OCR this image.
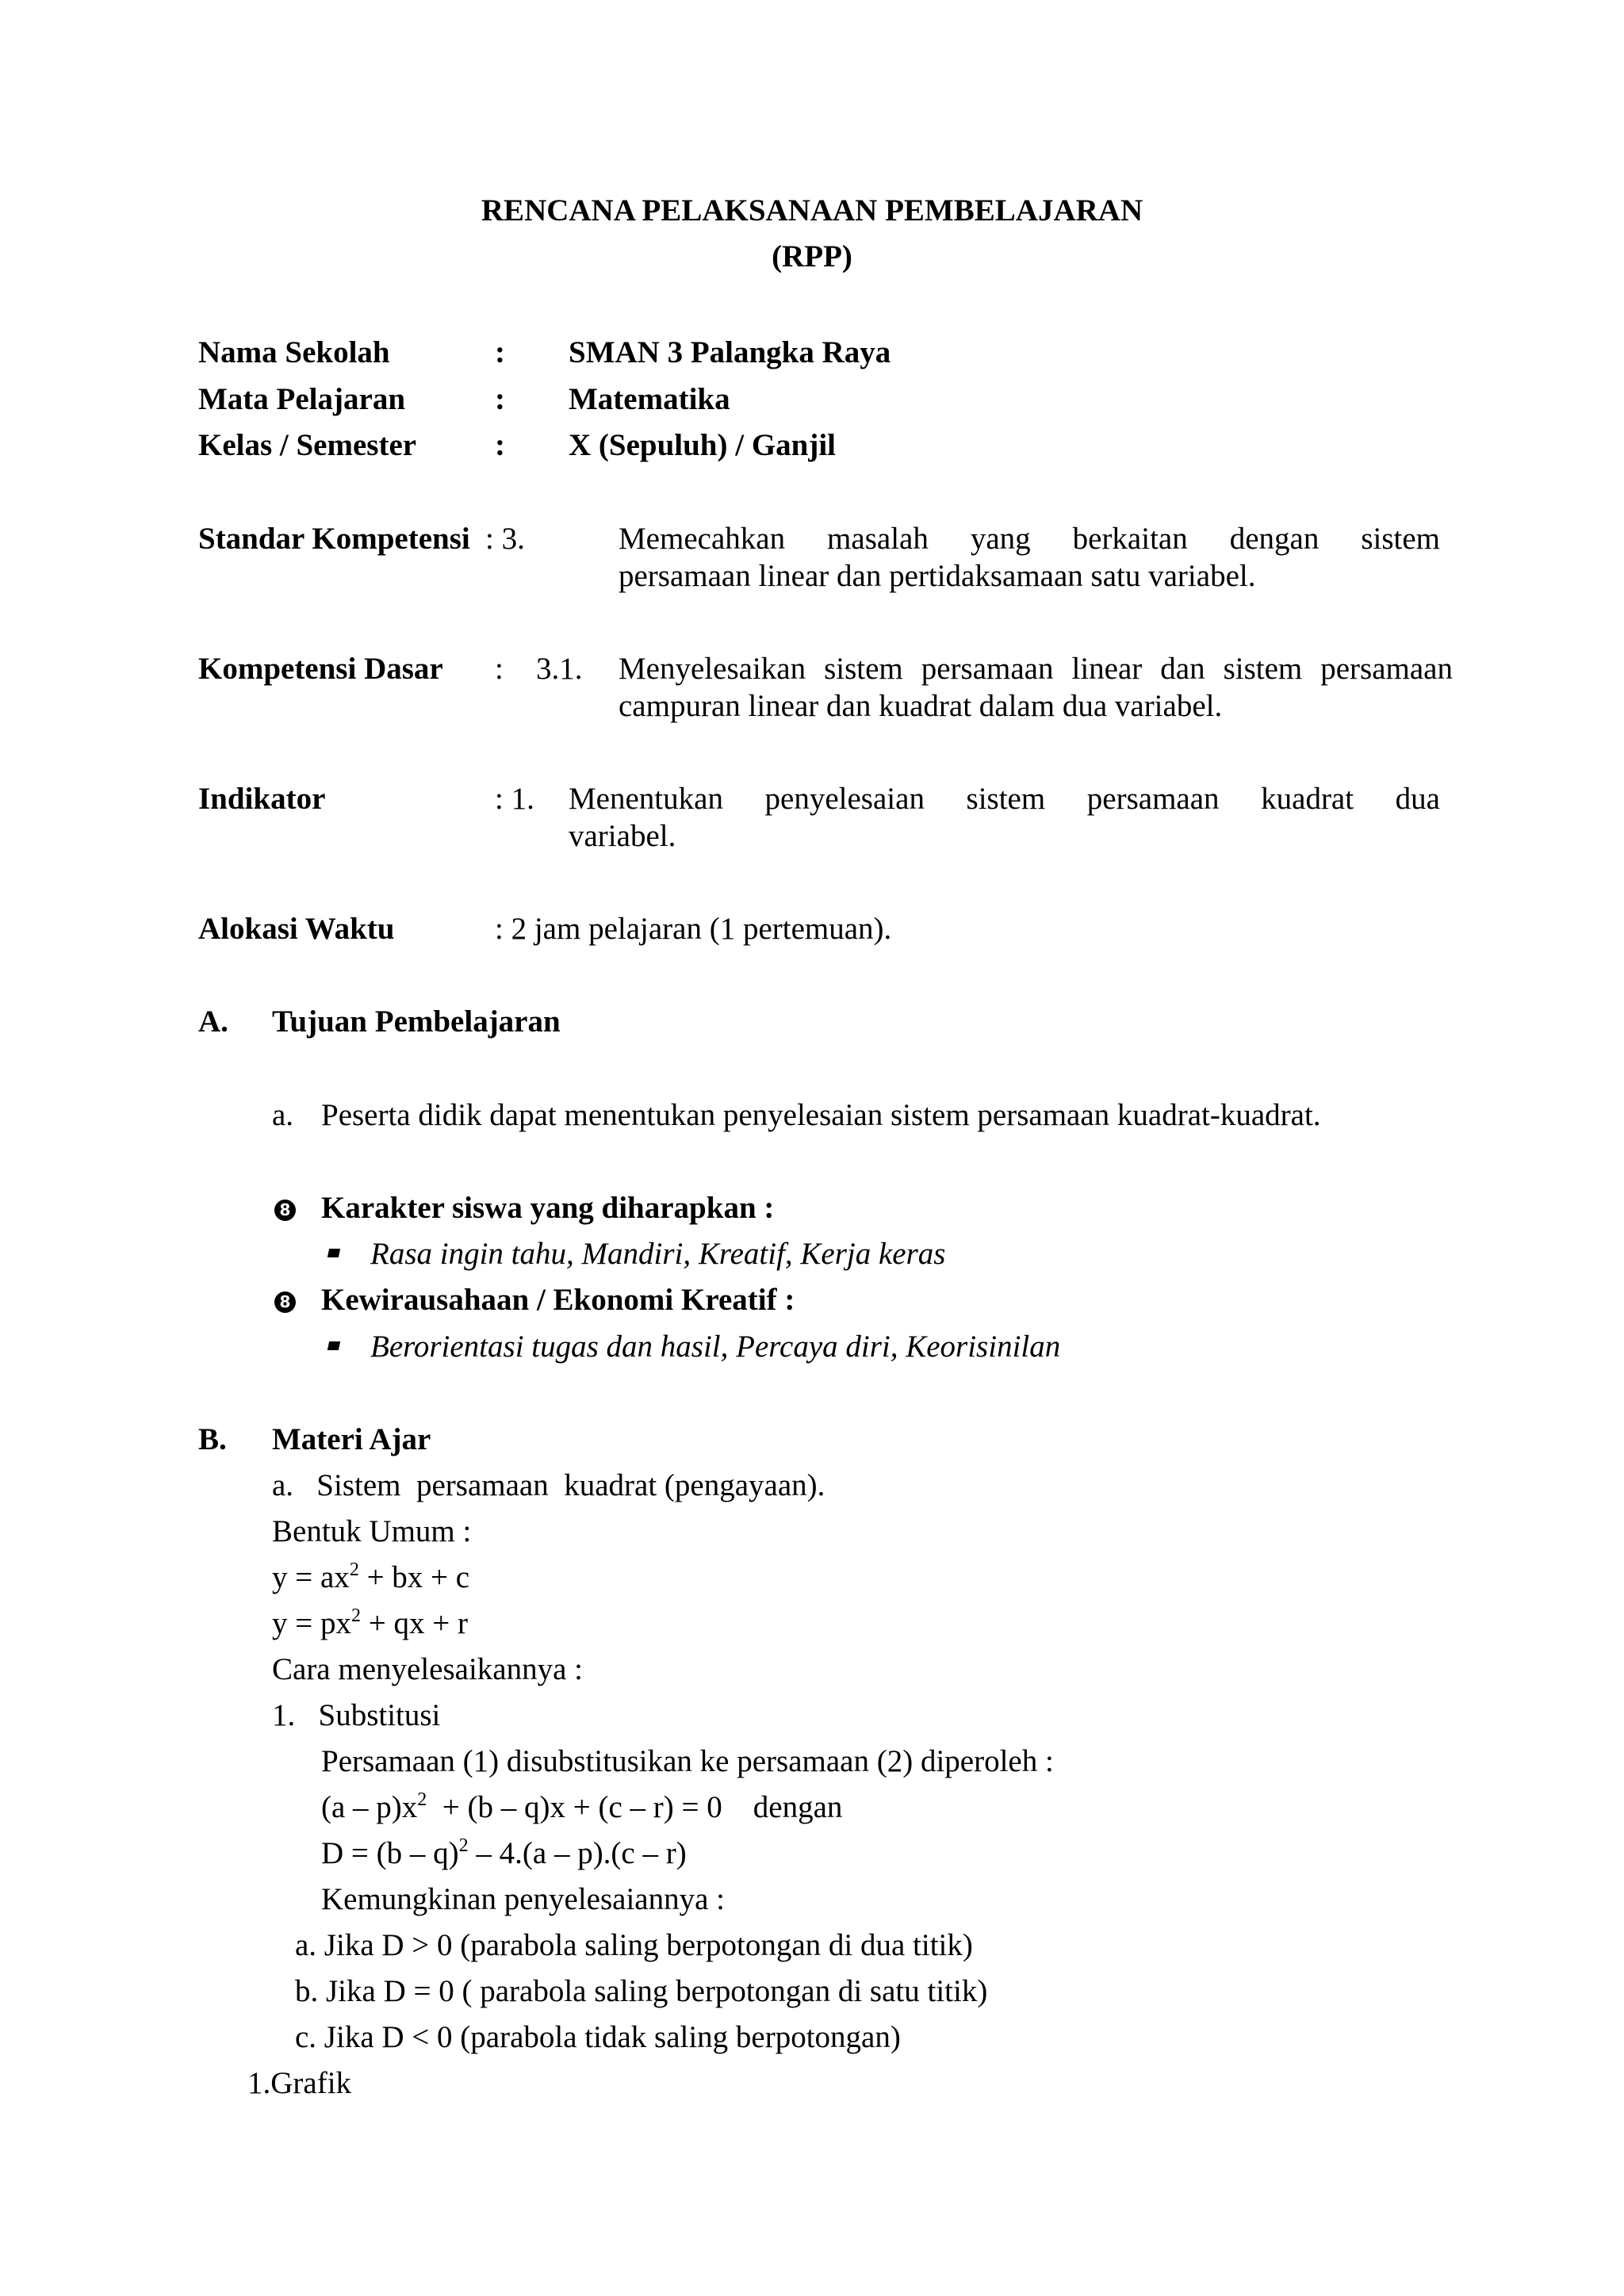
RENCANA PELAKSANAAN PEMBELAJARAN
(RPP)
Nama Sekolah	: SMAN 3 Palangka Raya
Mata Pelajaran	: Matematika
Kelas / Semester	: X (Sepuluh) / Ganjil
Standar Kompetensi : 3.	Memecahkan masalah yang berkaitan dengan sistem
persamaan linear dan pertidaksamaan satu variabel.
Kompetensi Dasar : 3.1. Menyelesaikan sistem persamaan linear dan sistem persamaan
campuran linear dan kuadrat dalam dua variabel.
Indikator	: 1. Menentukan penyelesaian sistem persamaan kuadrat dua
variabel.
Alokasi Waktu	: 2 jam pelajaran (1 pertemuan).
A. Tujuan Pembelajaran
a. Peserta didik dapat menentukan penyelesaian sistem persamaan kuadrat-kuadrat.
8 Karakter siswa yang diharapkan :
Rasa ingin tahu, Mandiri, Kreatif, Kerja keras
8 Kewirausahaan / Ekonomi Kreatif :
Berorientasi tugas dan hasil, Percaya diri, Keorisinilan
B. Materi Ajar
a.   Sistem  persamaan  kuadrat (pengayaan).
Bentuk Umum :
$y = ax^2$ + bx + c
$y = px^2$ + qx + r
Cara menyelesaikannya :
1.   Substitusi
Persamaan (1) disubstitusikan ke persamaan (2) diperoleh :
$(a - p)x^2 + (b - q)x + (c - r) = 0$    dengan
D = (b – q)$^2$ – 4.(a – p).(c – r)
Kemungkinan penyelesaiannya :
a. Jika D > 0 (parabola saling berpotongan di dua titik)
b. Jika D = 0 ( parabola saling berpotongan di satu titik)
c. Jika D < 0 (parabola tidak saling berpotongan)
1.Grafik
